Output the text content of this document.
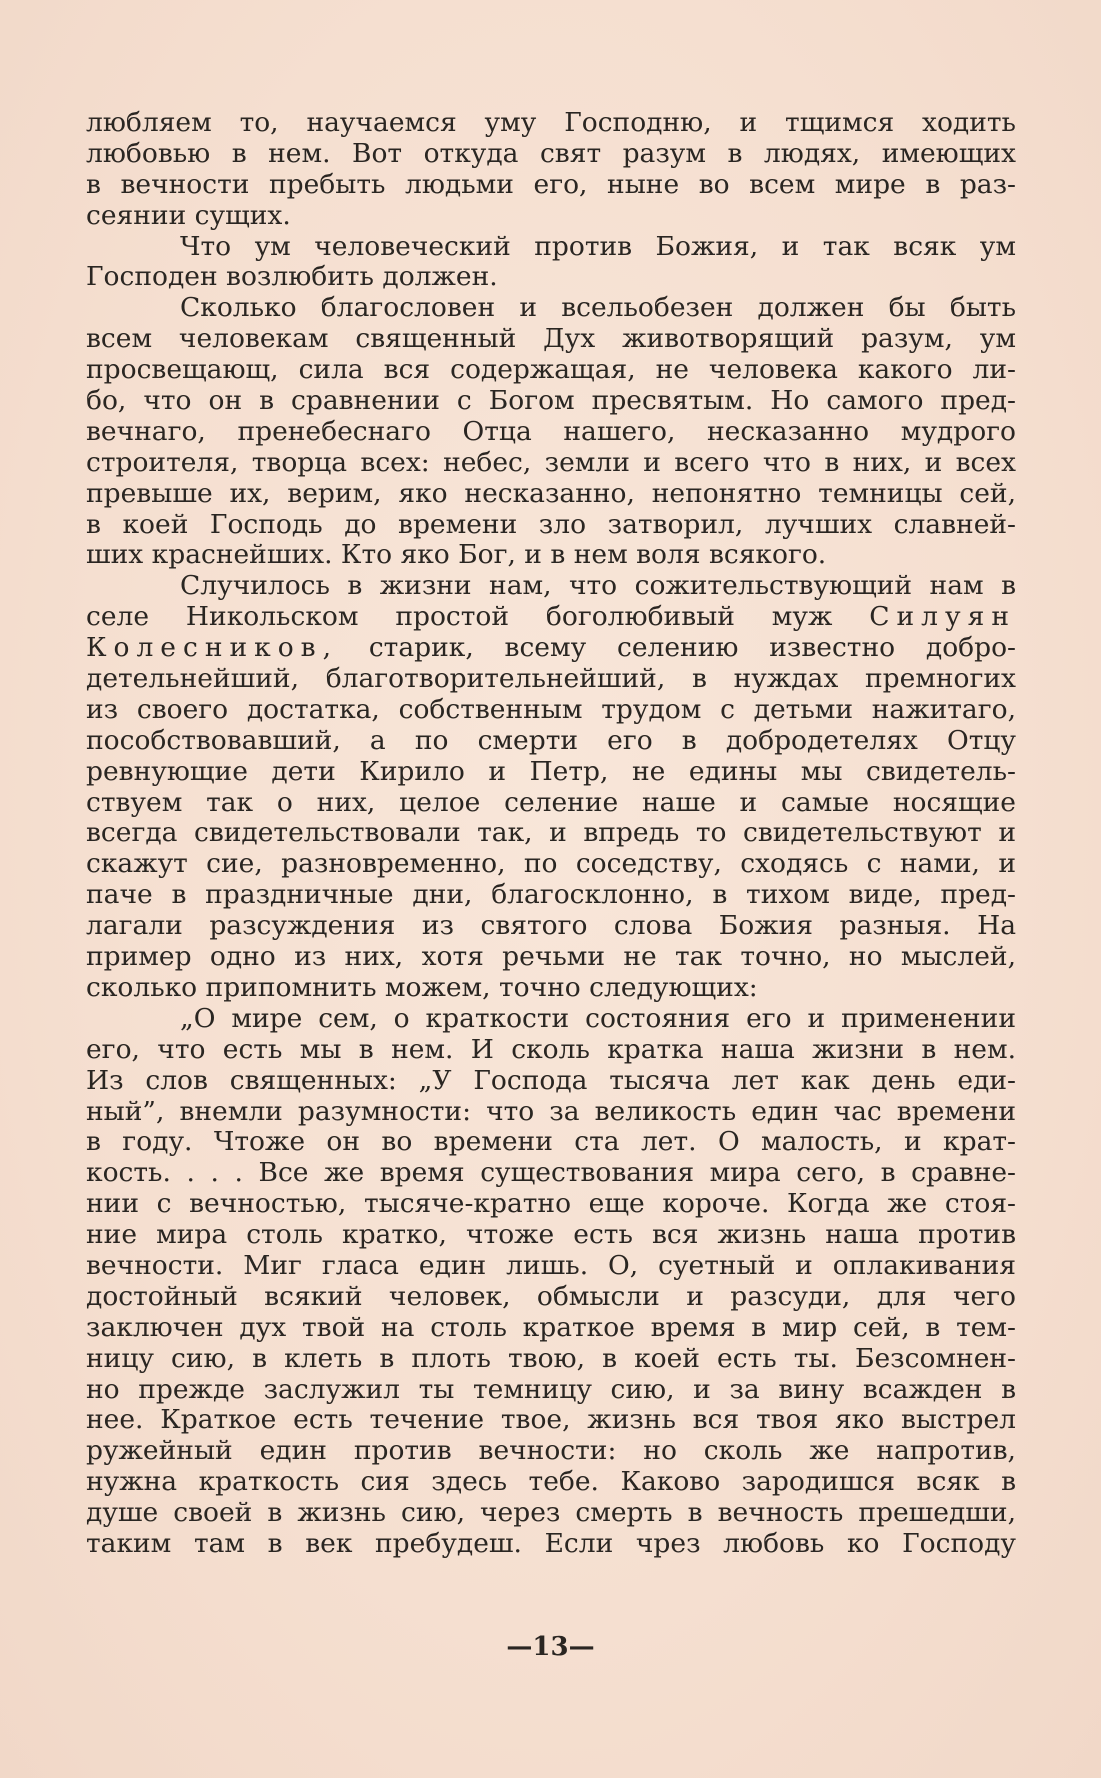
любляем то, научаемся уму Господню, и тщимся ходить
любовью в нем. Вот откуда свят разум в людях, имеющих
в вечности пребыть людьми его, ныне во всем мире в раз-
сеянии сущих.
Что ум человеческий против Божия, и так всяк ум
Господен возлюбить должен.
Сколько благословен и всельобезен должен бы быть
всем человекам священный Дух животворящий разум, ум
просвещающ, сила вся содержащая, не человека какого ли-
бо, что он в сравнении с Богом пресвятым. Но самого пред-
вечнаго, пренебеснаго Отца нашего, несказанно мудрого
строителя, творца всех: небес, земли и всего что в них, и всех
превыше их, верим, яко несказанно, непонятно темницы сей,
в коей Господь до времени зло затворил, лучших славней-
ших краснейших. Кто яко Бог, и в нем воля всякого.
Случилось в жизни нам, что сожительствующий нам в
селе Никольском простой боголюбивый муж Силуян
Колесников, старик, всему селению известно добро-
детельнейший, благотворительнейший, в нуждах премногих
из своего достатка, собственным трудом с детьми нажитаго,
пособствовавший, а по смерти его в добродетелях Отцу
ревнующие дети Кирило и Петр, не едины мы свидетель-
ствуем так о них, целое селение наше и самые носящие
всегда свидетельствовали так, и впредь то свидетельствуют и
скажут сие, разновременно, по соседству, сходясь с нами, и
паче в праздничные дни, благосклонно, в тихом виде, пред-
лагали разсуждения из святого слова Божия разныя. На
пример одно из них, хотя речьми не так точно, но мыслей,
сколько припомнить можем, точно следующих:
„О мире сем, о краткости состояния его и применении
его, что есть мы в нем. И сколь кратка наша жизни в нем.
Из слов священных: „У Господа тысяча лет как день еди-
ный”, внемли разумности: что за великость един час времени
в году. Чтоже он во времени ста лет. О малость, и крат-
кость. . . . Все же время существования мира сего, в сравне-
нии с вечностью, тысяче-кратно еще короче. Когда же стоя-
ние мира столь кратко, чтоже есть вся жизнь наша против
вечности. Миг гласа един лишь. О, суетный и оплакивания
достойный всякий человек, обмысли и разсуди, для чего
заключен дух твой на столь краткое время в мир сей, в тем-
ницу сию, в клеть в плоть твою, в коей есть ты. Безсомнен-
но прежде заслужил ты темницу сию, и за вину всажден в
нее. Краткое есть течение твое, жизнь вся твоя яко выстрел
ружейный един против вечности: но сколь же напротив,
нужна краткость сия здесь тебе. Каково зародишся всяк в
душе своей в жизнь сию, через смерть в вечность прешедши,
таким там в век пребудеш. Если чрез любовь ко Господу
—13—
